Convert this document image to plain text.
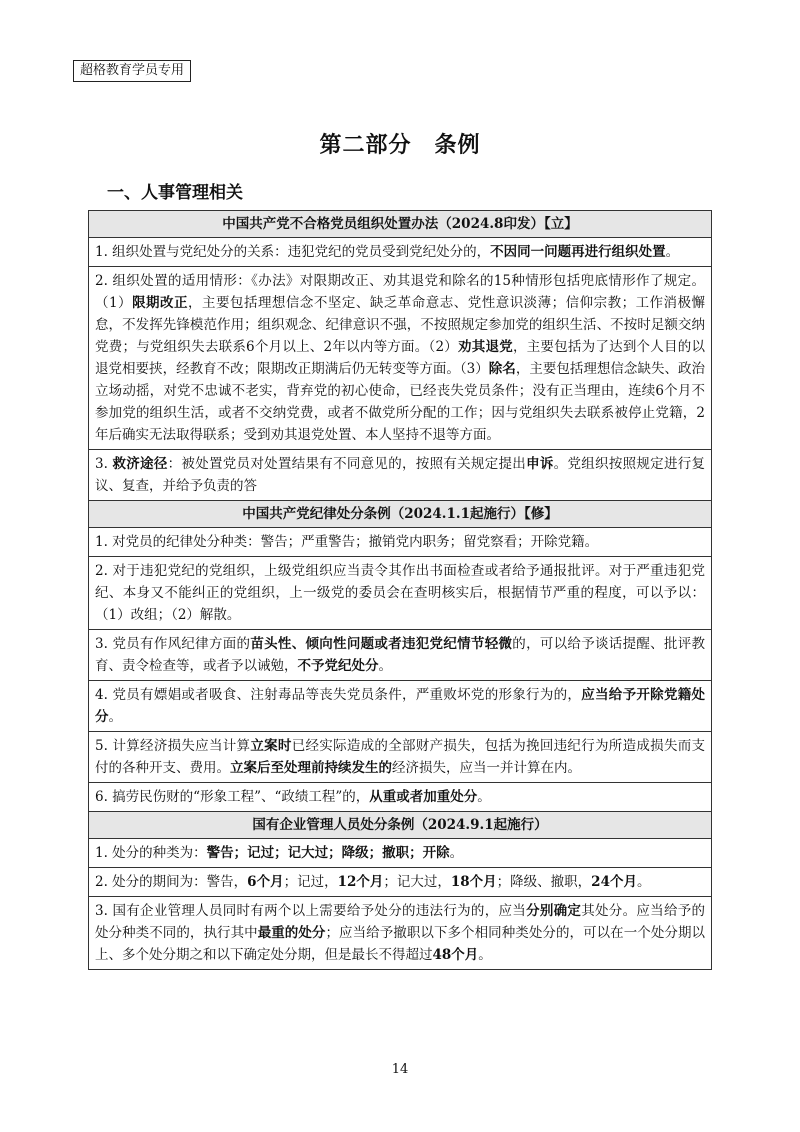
超格教育学员专用
第二部分　条例
一、人事管理相关
中国共产党不合格党员组织处置办法（2024.8印发）【立】
1. 组织处置与党纪处分的关系：违犯党纪的党员受到党纪处分的，不因同一问题再进行组织处置。
2. 组织处置的适用情形：《办法》对限期改正、劝其退党和除名的15种情形包括兜底情形作了规定。（1）限期改正，主要包括理想信念不坚定、缺乏革命意志、党性意识淡薄；信仰宗教；工作消极懈怠，不发挥先锋模范作用；组织观念、纪律意识不强，不按照规定参加党的组织生活、不按时足额交纳党费；与党组织失去联系6个月以上、2年以内等方面。（2）劝其退党，主要包括为了达到个人目的以退党相要挟，经教育不改；限期改正期满后仍无转变等方面。（3）除名，主要包括理想信念缺失、政治立场动摇，对党不忠诚不老实，背弃党的初心使命，已经丧失党员条件；没有正当理由，连续6个月不参加党的组织生活，或者不交纳党费，或者不做党所分配的工作；因与党组织失去联系被停止党籍，2年后确实无法取得联系；受到劝其退党处置、本人坚持不退等方面。
3. 救济途径：被处置党员对处置结果有不同意见的，按照有关规定提出申诉。党组织按照规定进行复议、复查，并给予负责的答
中国共产党纪律处分条例（2024.1.1起施行）【修】
1. 对党员的纪律处分种类：警告；严重警告；撤销党内职务；留党察看；开除党籍。
2. 对于违犯党纪的党组织，上级党组织应当责令其作出书面检查或者给予通报批评。对于严重违犯党纪、本身又不能纠正的党组织，上一级党的委员会在查明核实后，根据情节严重的程度，可以予以：（1）改组；（2）解散。
3. 党员有作风纪律方面的苗头性、倾向性问题或者违犯党纪情节轻微的，可以给予谈话提醒、批评教育、责令检查等，或者予以诫勉，不予党纪处分。
4. 党员有嫖娼或者吸食、注射毒品等丧失党员条件，严重败坏党的形象行为的，应当给予开除党籍处分。
5. 计算经济损失应当计算立案时已经实际造成的全部财产损失，包括为挽回违纪行为所造成损失而支付的各种开支、费用。立案后至处理前持续发生的经济损失，应当一并计算在内。
6. 搞劳民伤财的“形象工程”、“政绩工程”的，从重或者加重处分。
国有企业管理人员处分条例（2024.9.1起施行）
1. 处分的种类为：警告；记过；记大过；降级；撤职；开除。
2. 处分的期间为：警告，6个月；记过，12个月；记大过，18个月；降级、撤职，24个月。
3. 国有企业管理人员同时有两个以上需要给予处分的违法行为的，应当分别确定其处分。应当给予的处分种类不同的，执行其中最重的处分；应当给予撤职以下多个相同种类处分的，可以在一个处分期以上、多个处分期之和以下确定处分期，但是最长不得超过48个月。
14
